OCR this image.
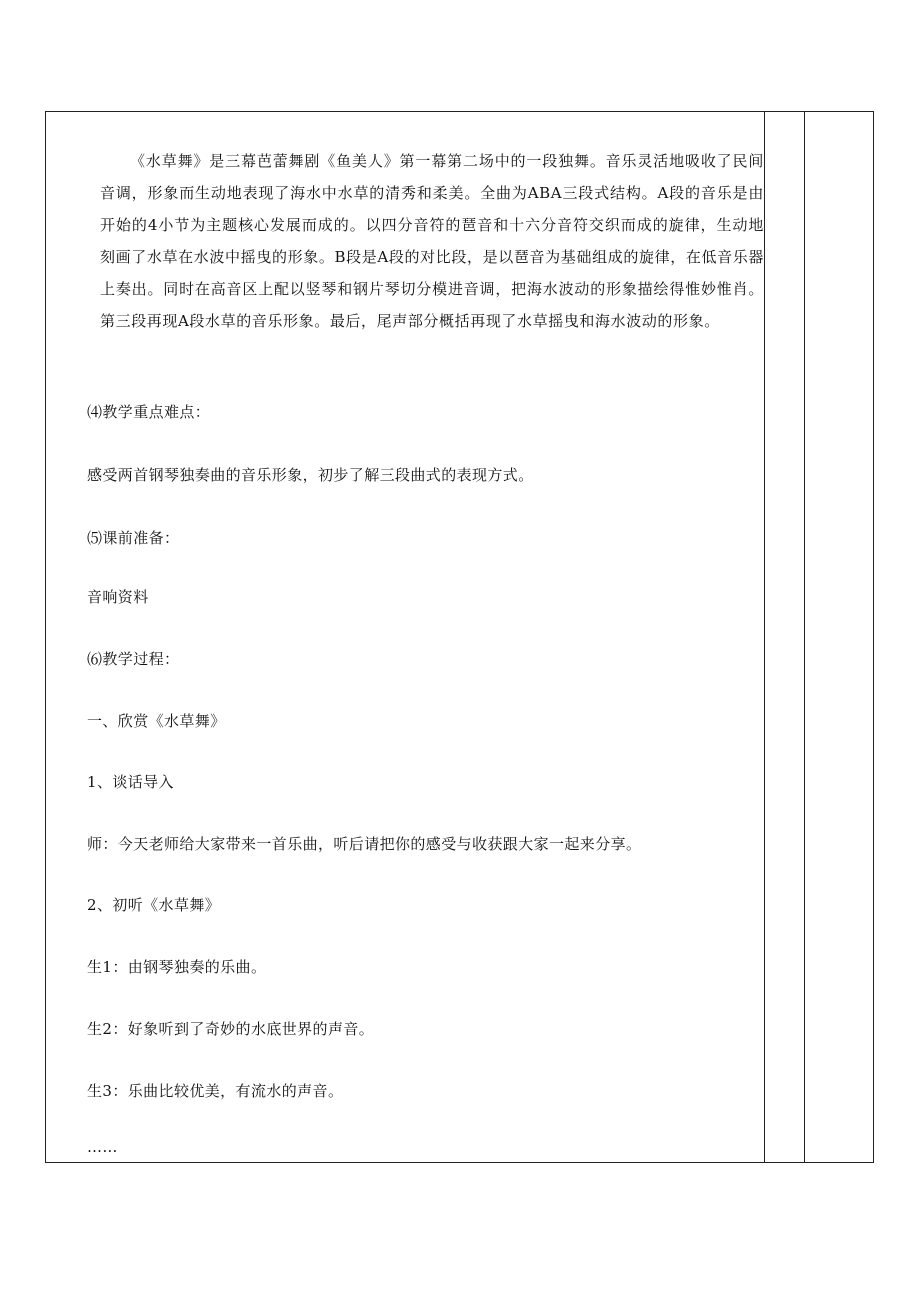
《水草舞》是三幕芭蕾舞剧《鱼美人》第一幕第二场中的一段独舞。音乐灵活地吸收了民间音调，形象而生动地表现了海水中水草的清秀和柔美。全曲为ABA三段式结构。A段的音乐是由开始的4小节为主题核心发展而成的。以四分音符的琶音和十六分音符交织而成的旋律，生动地刻画了水草在水波中摇曳的形象。B段是A段的对比段，是以琶音为基础组成的旋律，在低音乐器上奏出。同时在高音区上配以竖琴和钢片琴切分模进音调，把海水波动的形象描绘得惟妙惟肖。第三段再现A段水草的音乐形象。最后，尾声部分概括再现了水草摇曳和海水波动的形象。
⑷教学重点难点：
感受两首钢琴独奏曲的音乐形象，初步了解三段曲式的表现方式。
⑸课前准备：
音响资料
⑹教学过程：
一、欣赏《水草舞》
1、谈话导入
师：今天老师给大家带来一首乐曲，听后请把你的感受与收获跟大家一起来分享。
2、初听《水草舞》
生1：由钢琴独奏的乐曲。
生2：好象听到了奇妙的水底世界的声音。
生3：乐曲比较优美，有流水的声音。
……
